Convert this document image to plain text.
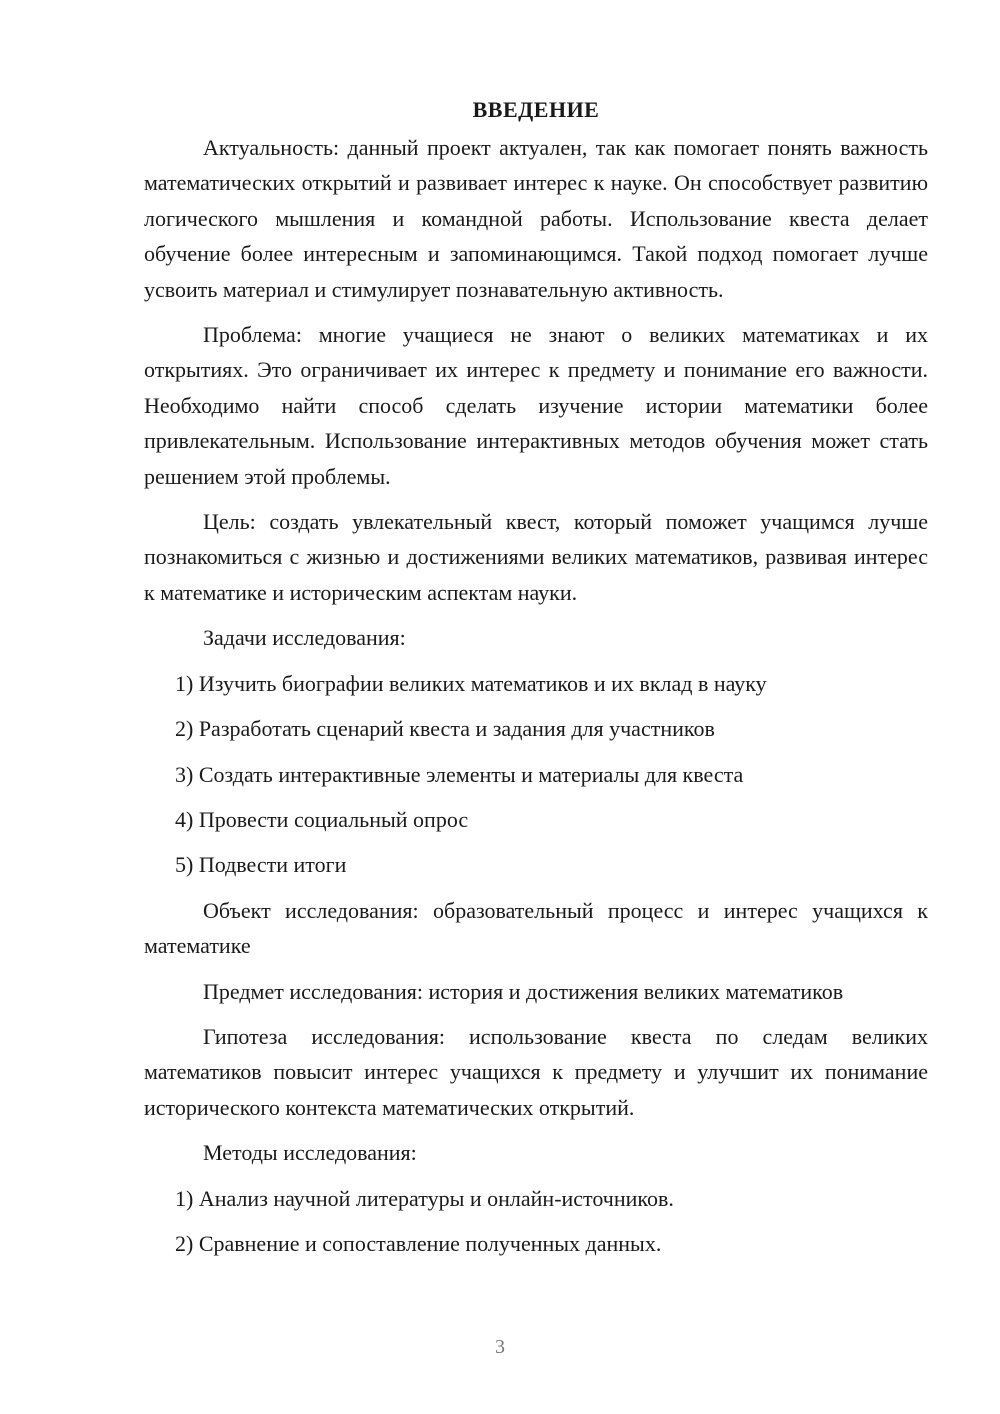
ВВЕДЕНИЕ

Актуальность: данный проект актуален, так как помогает понять важность математических открытий и развивает интерес к науке. Он способствует развитию логического мышления и командной работы. Использование квеста делает обучение более интересным и запоминающимся. Такой подход помогает лучше усвоить материал и стимулирует познавательную активность.

Проблема: многие учащиеся не знают о великих математиках и их открытиях. Это ограничивает их интерес к предмету и понимание его важности. Необходимо найти способ сделать изучение истории математики более привлекательным. Использование интерактивных методов обучения может стать решением этой проблемы.

Цель: создать увлекательный квест, который поможет учащимся лучше познакомиться с жизнью и достижениями великих математиков, развивая интерес к математике и историческим аспектам науки.

Задачи исследования:

1) Изучить биографии великих математиков и их вклад в науку
2) Разработать сценарий квеста и задания для участников
3) Создать интерактивные элементы и материалы для квеста
4) Провести социальный опрос
5) Подвести итоги

Объект исследования: образовательный процесс и интерес учащихся к математике

Предмет исследования: история и достижения великих математиков

Гипотеза исследования: использование квеста по следам великих математиков повысит интерес учащихся к предмету и улучшит их понимание исторического контекста математических открытий.

Методы исследования:

1) Анализ научной литературы и онлайн-источников.
2) Сравнение и сопоставление полученных данных.
3
